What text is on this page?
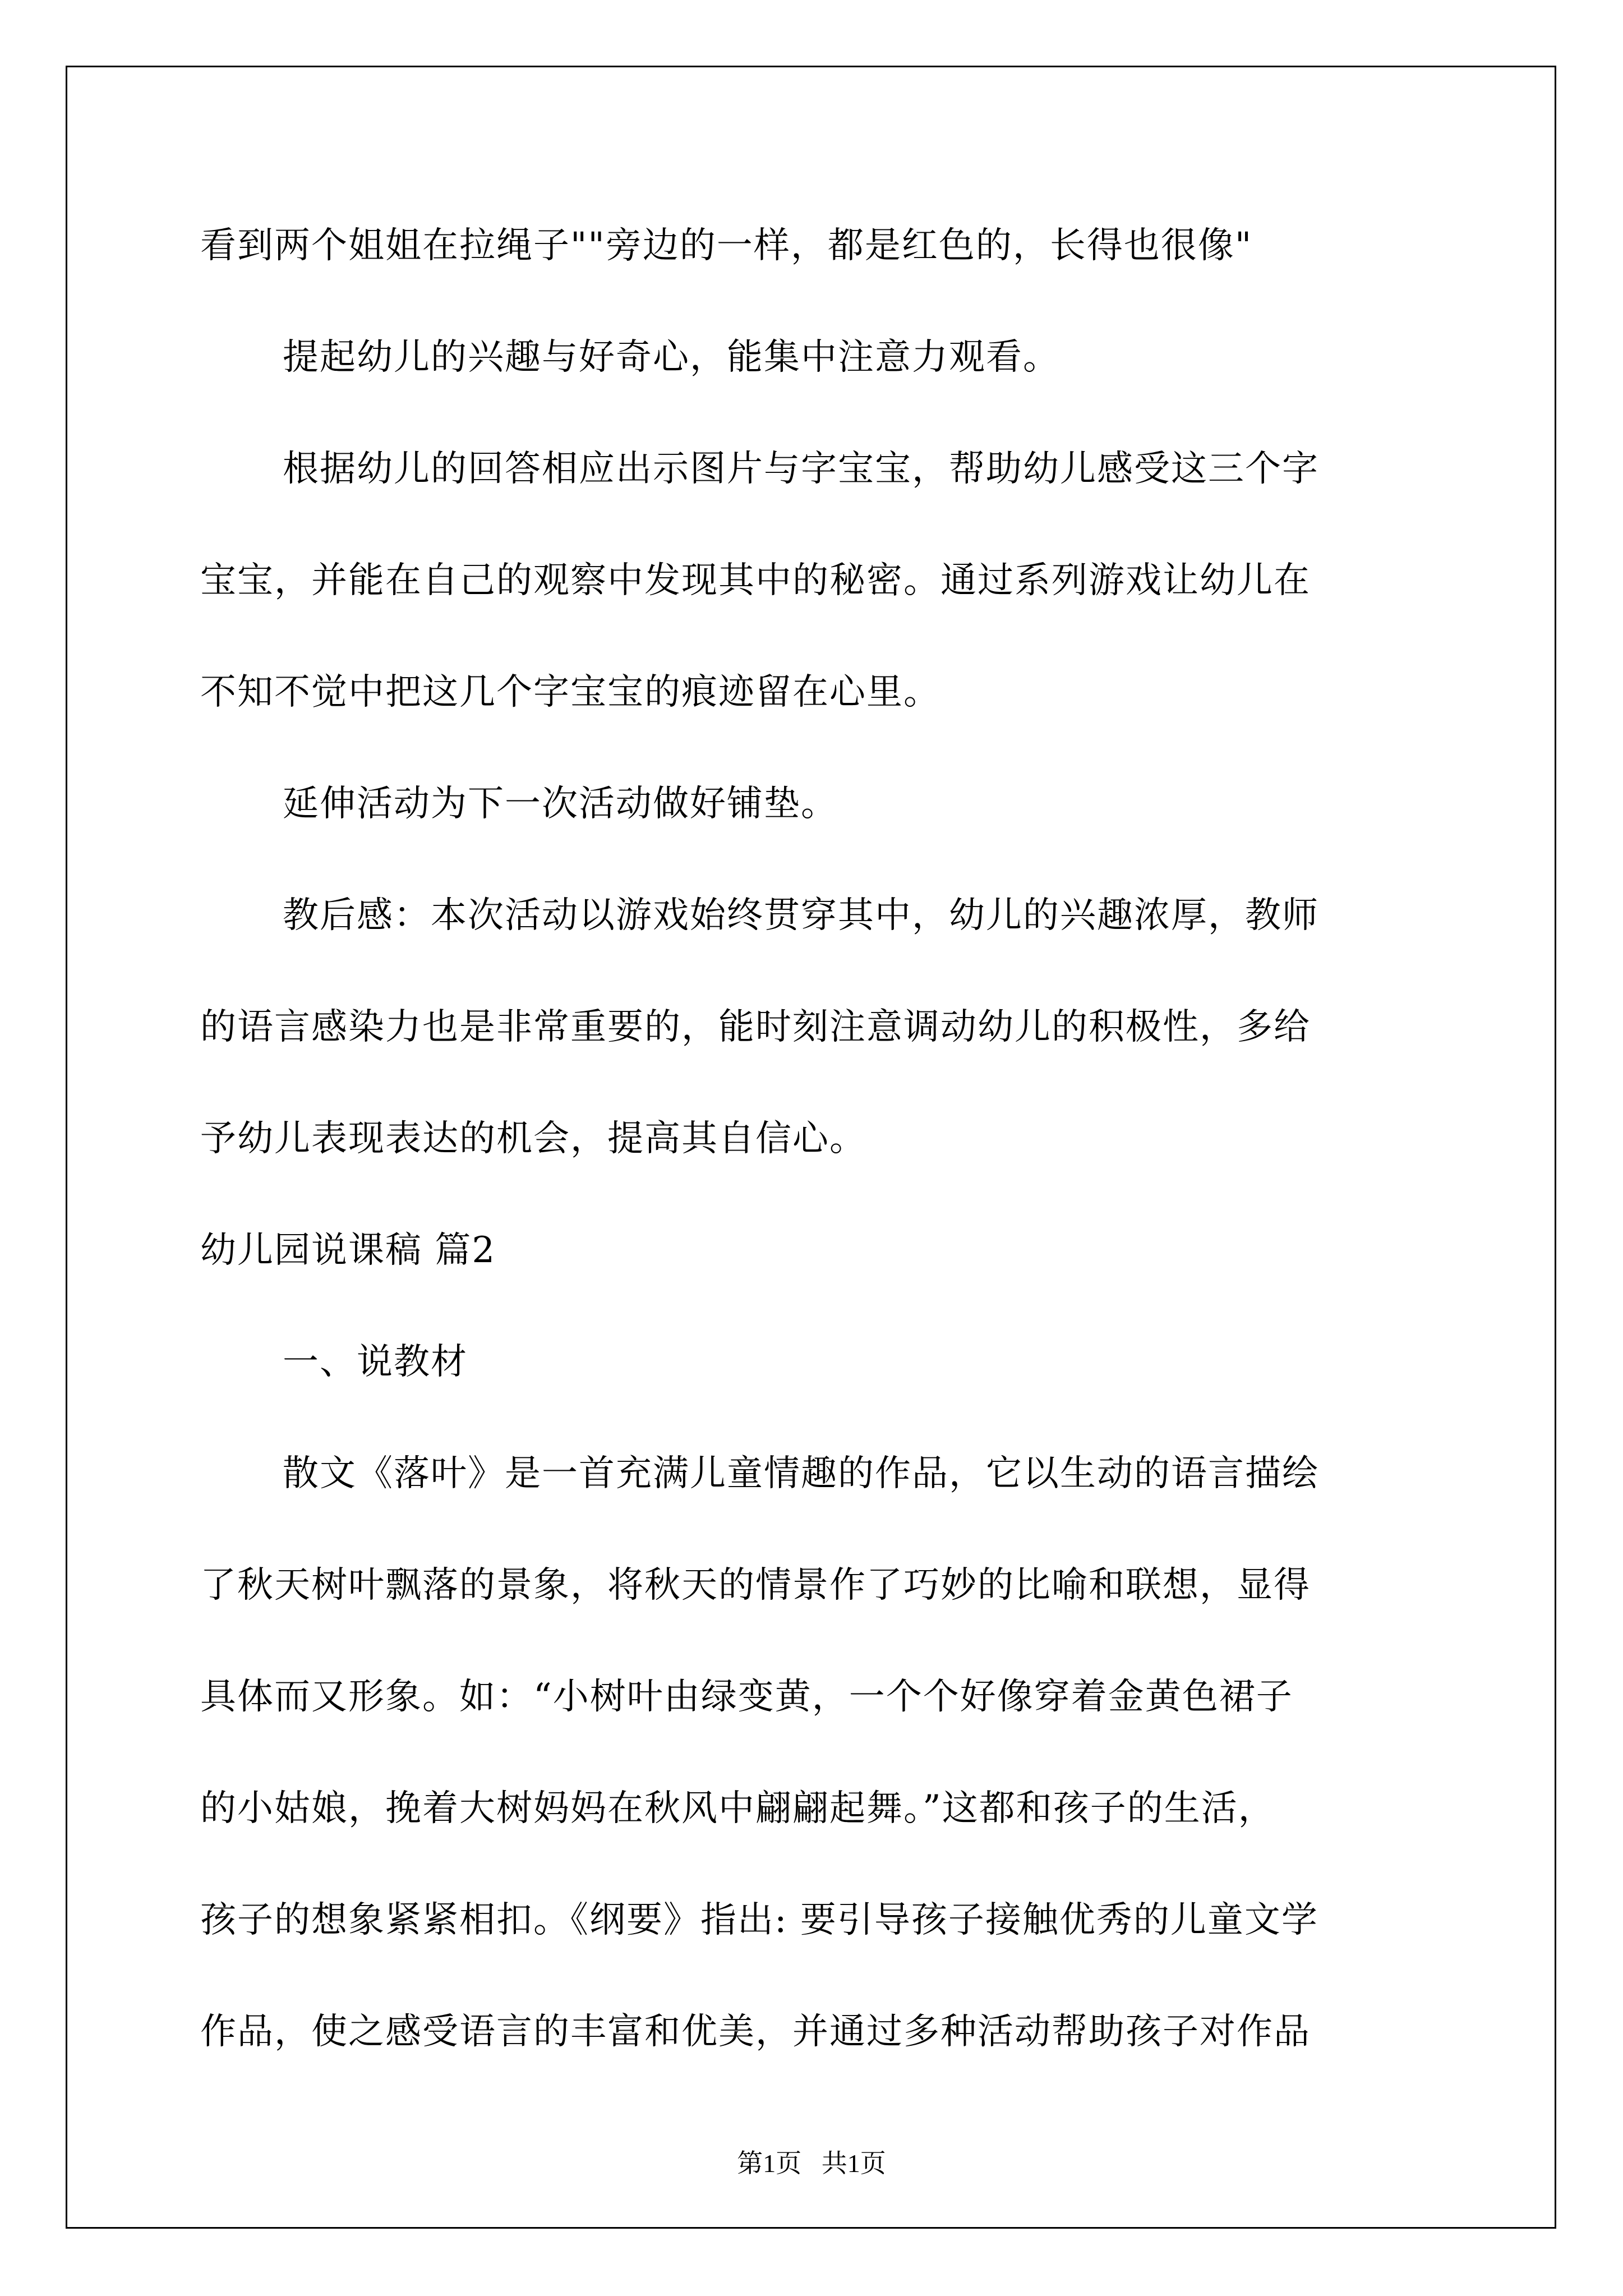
看到两个姐姐在拉绳子""旁边的一样，都是红色的，长得也很像"

提起幼儿的兴趣与好奇心，能集中注意力观看。

根据幼儿的回答相应出示图片与字宝宝，帮助幼儿感受这三个字

宝宝，并能在自己的观察中发现其中的秘密。通过系列游戏让幼儿在

不知不觉中把这几个字宝宝的痕迹留在心里。

延伸活动为下一次活动做好铺垫。

教后感：本次活动以游戏始终贯穿其中，幼儿的兴趣浓厚，教师

的语言感染力也是非常重要的，能时刻注意调动幼儿的积极性，多给

予幼儿表现表达的机会，提高其自信心。

幼儿园说课稿 篇2

一、说教材

散文《落叶》是一首充满儿童情趣的作品，它以生动的语言描绘

了秋天树叶飘落的景象，将秋天的情景作了巧妙的比喻和联想，显得

具体而又形象。如：“小树叶由绿变黄，一个个好像穿着金黄色裙子

的小姑娘，挽着大树妈妈在秋风中翩翩起舞。”这都和孩子的生活，

孩子的想象紧紧相扣。《纲要》指出: 要引导孩子接触优秀的儿童文学

作品，使之感受语言的丰富和优美，并通过多种活动帮助孩子对作品

第1页 共1页
